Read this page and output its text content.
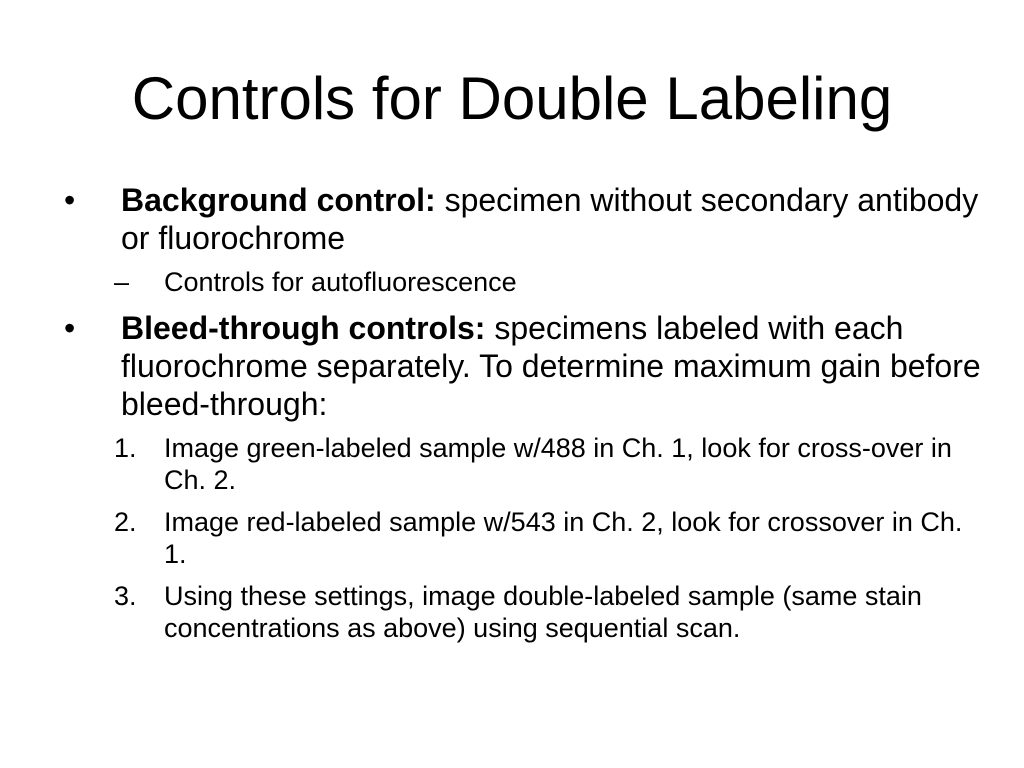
Controls for Double Labeling
• Background control: specimen without secondary antibody or fluorochrome
– Controls for autofluorescence
• Bleed-through controls: specimens labeled with each fluorochrome separately. To determine maximum gain before bleed-through:
1. Image green-labeled sample w/488 in Ch. 1, look for cross-over in Ch. 2.
2. Image red-labeled sample w/543 in Ch. 2, look for crossover in Ch. 1.
3. Using these settings, image double-labeled sample (same stain concentrations as above) using sequential scan.
